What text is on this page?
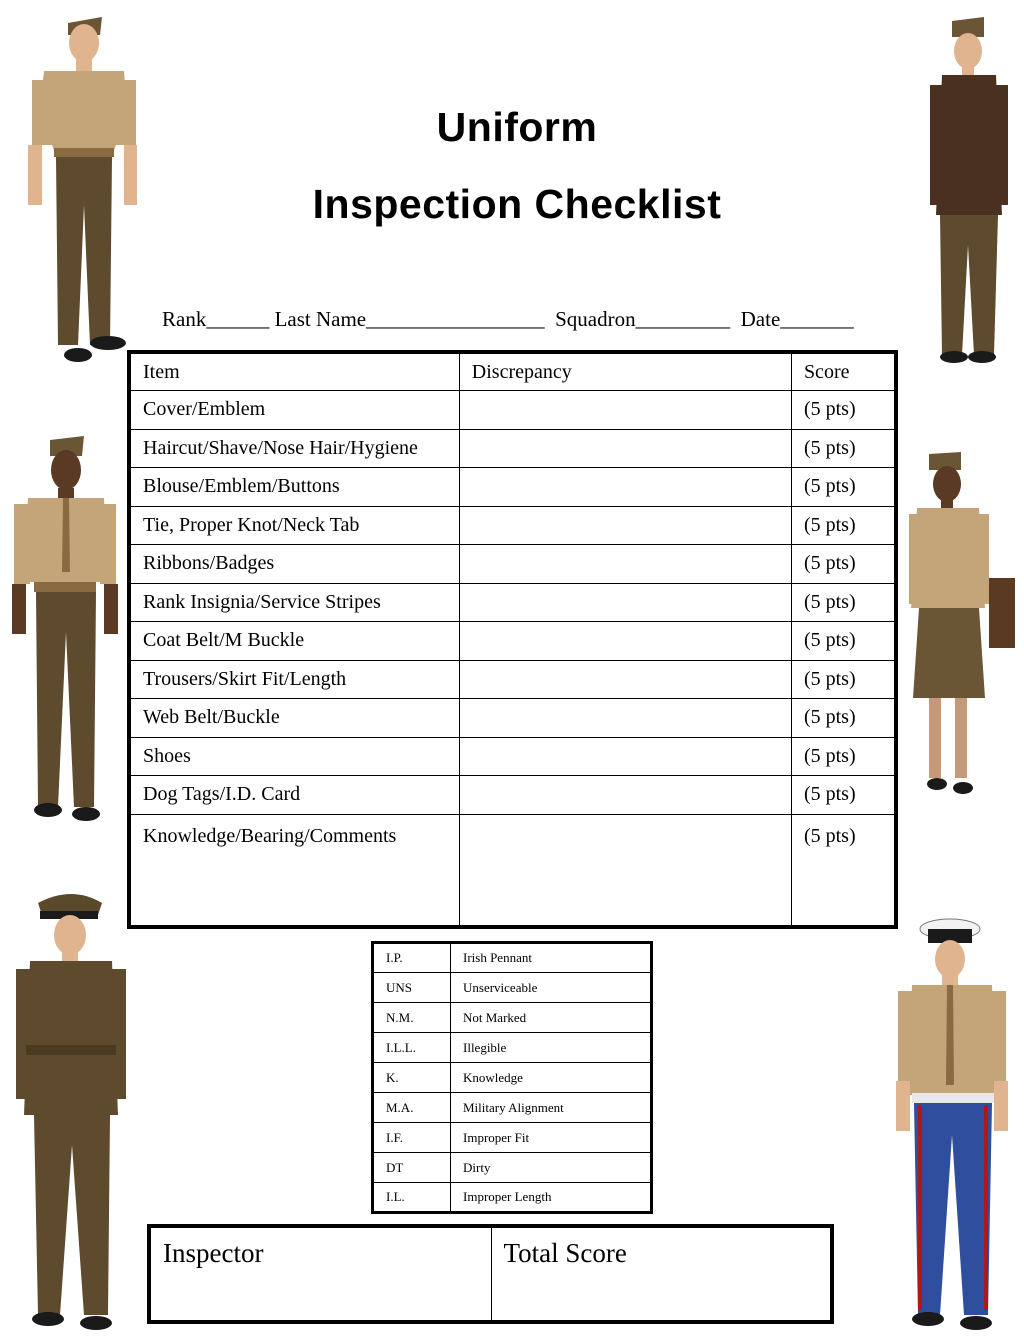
Uniform
Inspection Checklist
Rank______ Last Name_________________  Squadron_________  Date_______
Item	Discrepancy	Score
Cover/Emblem		(5 pts)
Haircut/Shave/Nose Hair/Hygiene		(5 pts)
Blouse/Emblem/Buttons		(5 pts)
Tie, Proper Knot/Neck Tab		(5 pts)
Ribbons/Badges		(5 pts)
Rank Insignia/Service Stripes		(5 pts)
Coat Belt/M Buckle		(5 pts)
Trousers/Skirt Fit/Length		(5 pts)
Web Belt/Buckle		(5 pts)
Shoes		(5 pts)
Dog Tags/I.D. Card		(5 pts)
Knowledge/Bearing/Comments		(5 pts)
I.P.	Irish Pennant
UNS	Unserviceable
N.M.	Not Marked
I.L.L.	Illegible
K.	Knowledge
M.A.	Military Alignment
I.F.	Improper Fit
DT	Dirty
I.L.	Improper Length
Inspector	Total Score
